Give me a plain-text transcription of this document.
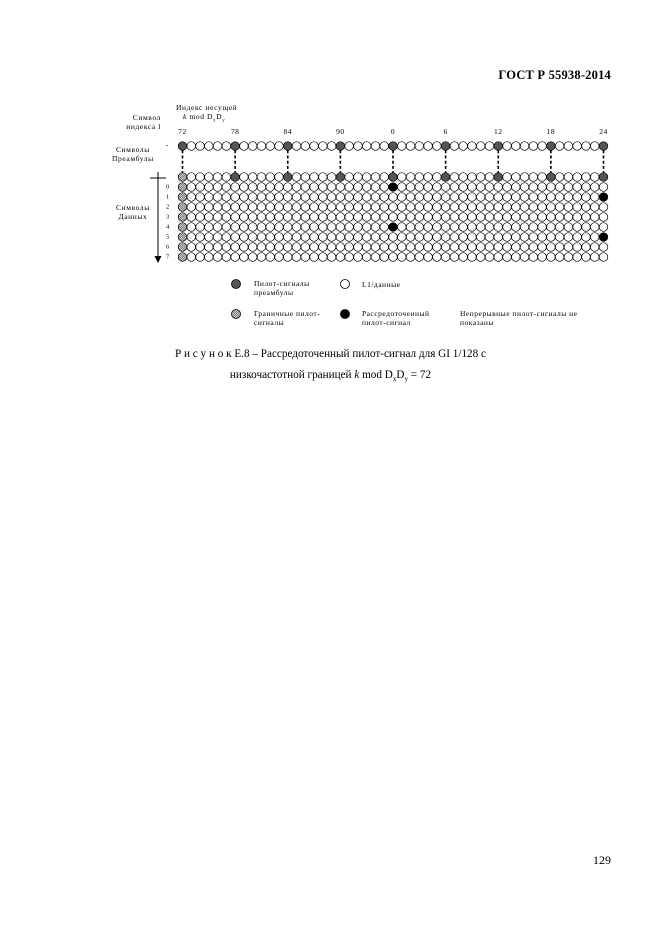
ГОСТ Р 55938-2014
Индекс несущей
k mod $D_xD_y$
Символ
индекса l
Символы
Преамбулы
Символы
Данных
-
72	78	84	90	0	6	12	18	24
0
1
2
3
4
5
6
7
Пилот-сигналы преамбулы
L1/данные
Граничные пилот-сигналы
Рассредоточенный пилот-сигнал
Непрерывные пилот-сигналы не показаны
Р и с у н о к E.8 – Рассредоточенный пилот-сигнал для GI 1/128 с
низкочастотной границей k mod $D_xD_y = 72$
129
